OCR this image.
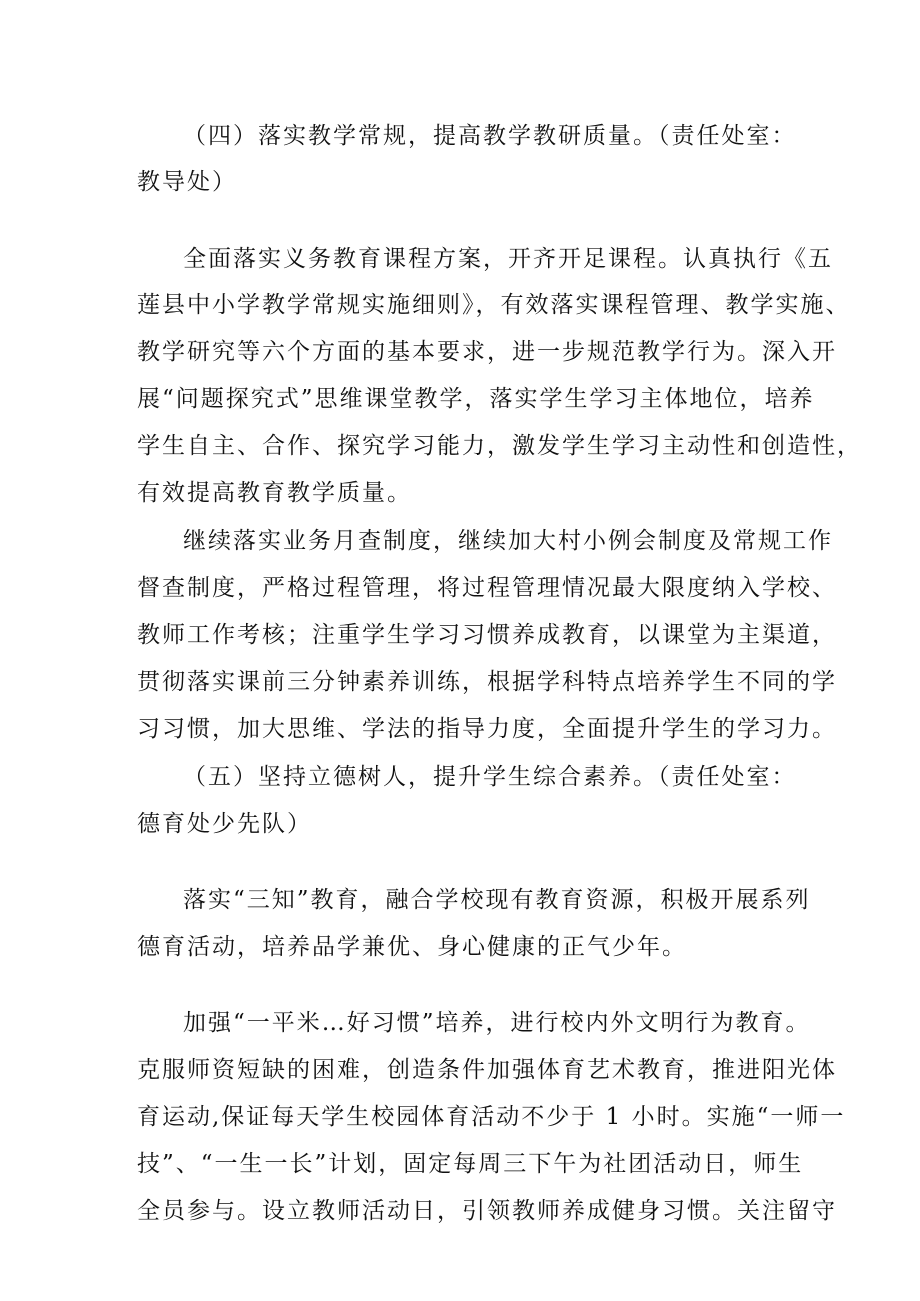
（四）落实教学常规，提高教学教研质量。（责任处室：
教导处）
全面落实义务教育课程方案，开齐开足课程。认真执行《五
莲县中小学教学常规实施细则》，有效落实课程管理、教学实施、
教学研究等六个方面的基本要求，进一步规范教学行为。深入开
展“问题探究式”思维课堂教学，落实学生学习主体地位，培养
学生自主、合作、探究学习能力，激发学生学习主动性和创造性，
有效提高教育教学质量。
继续落实业务月查制度，继续加大村小例会制度及常规工作
督查制度，严格过程管理，将过程管理情况最大限度纳入学校、
教师工作考核；注重学生学习习惯养成教育，以课堂为主渠道，
贯彻落实课前三分钟素养训练，根据学科特点培养学生不同的学
习习惯，加大思维、学法的指导力度，全面提升学生的学习力。
（五）坚持立德树人，提升学生综合素养。（责任处室：
德育处少先队）
落实“三知”教育，融合学校现有教育资源，积极开展系列
德育活动，培养品学兼优、身心健康的正气少年。
加强“一平米…好习惯”培养，进行校内外文明行为教育。
克服师资短缺的困难，创造条件加强体育艺术教育，推进阳光体
育运动,保证每天学生校园体育活动不少于 1 小时。实施“一师一
技”、“一生一长”计划，固定每周三下午为社团活动日，师生
全员参与。设立教师活动日，引领教师养成健身习惯。关注留守
